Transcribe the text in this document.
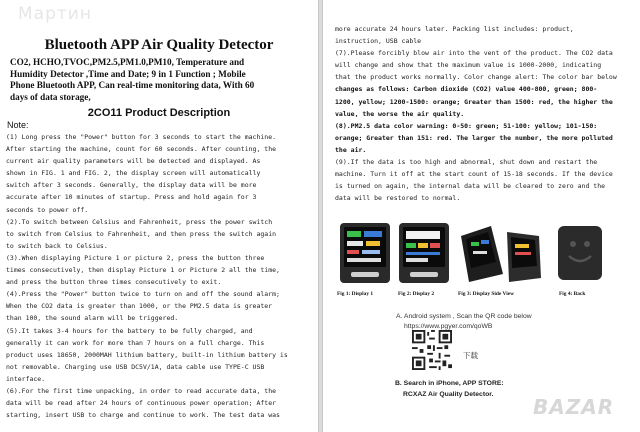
Мартин
Bluetooth APP Air Quality Detector
CO2, HCHO,TVOC,PM2.5,PM1.0,PM10, Temperature and
Humidity Detector ,Time and Date; 9 in 1 Function ; Mobile
Phone Bluetooth APP, Can real-time monitoring data, With 60
days of data storage,
2CO11 Product Description
Note:
(1) Long press the "Power" button for 3 seconds to start the machine.
After starting the machine, count for 60 seconds. After counting, the
current air quality parameters will be detected and displayed. As
shown in FIG. 1 and FIG. 2, the display screen will automatically
switch after 3 seconds. Generally, the display data will be more
accurate after 10 minutes of startup. Press and hold again for 3
seconds to power off.
(2).To switch between Celsius and Fahrenheit, press the power switch
to switch from Celsius to Fahrenheit, and then press the switch again
to switch back to Celsius.
(3).When displaying Picture 1 or picture 2, press the button three
times consecutively, then display Picture 1 or Picture 2 all the time,
and press the button three times consecutively to exit.
(4).Press the "Power" button twice to turn on and off the sound alarm;
When the CO2 data is greater than 1000, or the PM2.5 data is greater
than 100, the sound alarm will be triggered.
(5).It takes 3-4 hours for the battery to be fully charged, and
generally it can work for more than 7 hours on a full charge. This
product uses 18650, 2000MAH lithium battery, built-in lithium battery is
not removable. Charging use USB DC5V/1A, data cable use TYPE-C USB
interface.
(6).For the first time unpacking, in order to read accurate data, the
data will be read after 24 hours of continuous power operation; After
starting, insert USB to charge and continue to work. The test data was
more accurate 24 hours later. Packing list includes: product,
instruction, USB cable
(7).Please forcibly blow air into the vent of the product. The CO2 data
will change and show that the maximum value is 1000-2000, indicating
that the product works normally. Color change alert: The color bar below
changes as follows: Carbon dioxide (CO2) value 400-800, green; 800-
1200, yellow; 1200-1500: orange; Greater than 1500: red, the higher the
value, the worse the air quality.
(8).PM2.5 data color warning: 0-50: green; 51-100: yellow; 101-150:
orange; Greater than 151: red. The larger the number, the more polluted
the air.
(9).If the data is too high and abnormal, shut down and restart the
machine. Turn it off at the start count of 15-18 seconds. If the device
is turned on again, the internal data will be cleared to zero and the
data will be restored to normal.
Fig 1: Display 1	Fig 2: Display 2	Fig 3: Display Side View	Fig 4: Back
A. Android system , Scan the QR code below
https://www.pgyer.com/qoWB
下载
B. Search in iPhone, APP STORE:
RCXAZ Air Quality Detector.
BAZAR
